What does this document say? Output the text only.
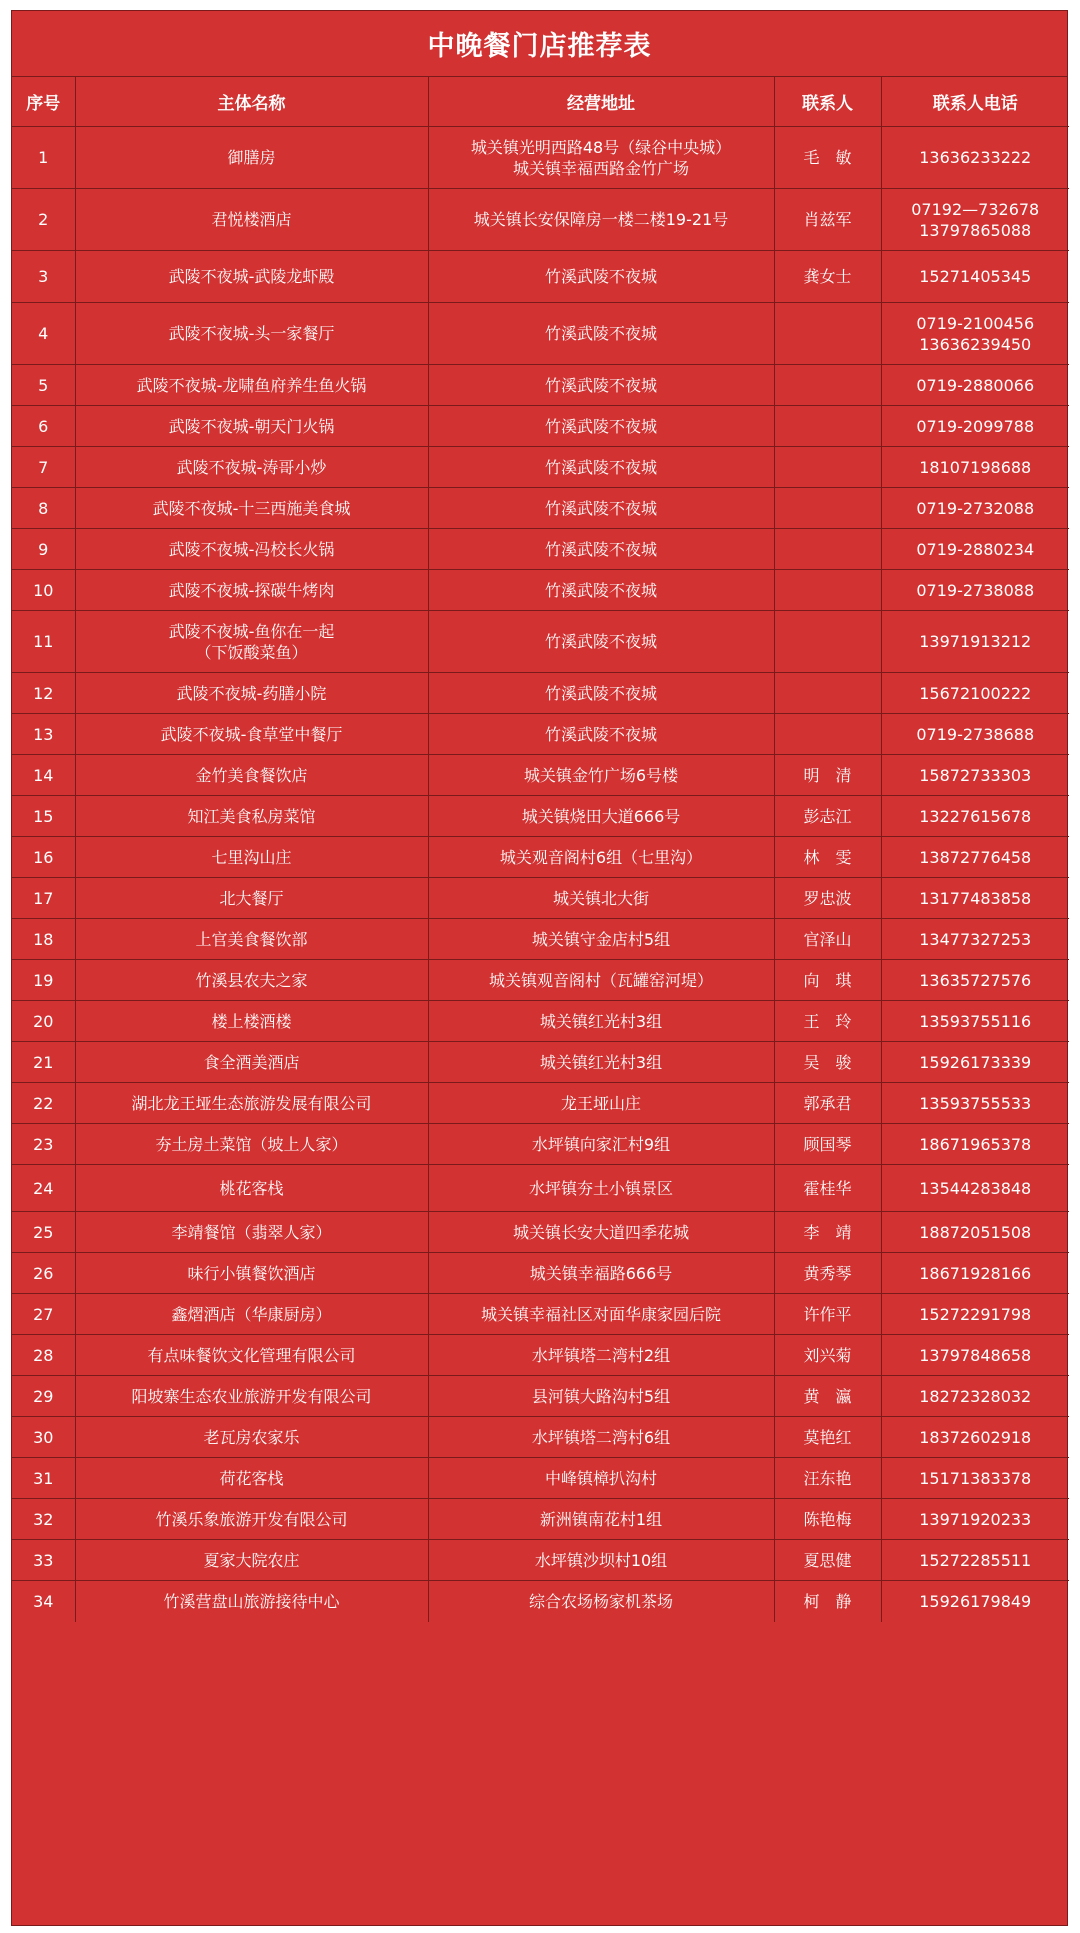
中晚餐门店推荐表
序号	主体名称	经营地址	联系人	联系人电话
1	御膳房	城关镇光明西路48号（绿谷中央城）
城关镇幸福西路金竹广场	毛　敏	13636233222
2	君悦楼酒店	城关镇长安保障房一楼二楼19-21号	肖兹军	07192—732678
13797865088
3	武陵不夜城-武陵龙虾殿	竹溪武陵不夜城	龚女士	15271405345
4	武陵不夜城-头一家餐厅	竹溪武陵不夜城		0719-2100456
13636239450
5	武陵不夜城-龙啸鱼府养生鱼火锅	竹溪武陵不夜城		0719-2880066
6	武陵不夜城-朝天门火锅	竹溪武陵不夜城		0719-2099788
7	武陵不夜城-涛哥小炒	竹溪武陵不夜城		18107198688
8	武陵不夜城-十三西施美食城	竹溪武陵不夜城		0719-2732088
9	武陵不夜城-冯校长火锅	竹溪武陵不夜城		0719-2880234
10	武陵不夜城-探碳牛烤肉	竹溪武陵不夜城		0719-2738088
11	武陵不夜城-鱼你在一起
（下饭酸菜鱼）	竹溪武陵不夜城		13971913212
12	武陵不夜城-药膳小院	竹溪武陵不夜城		15672100222
13	武陵不夜城-食草堂中餐厅	竹溪武陵不夜城		0719-2738688
14	金竹美食餐饮店	城关镇金竹广场6号楼	明　清	15872733303
15	知江美食私房菜馆	城关镇烧田大道666号	彭志江	13227615678
16	七里沟山庄	城关观音阁村6组（七里沟）	林　雯	13872776458
17	北大餐厅	城关镇北大街	罗忠波	13177483858
18	上官美食餐饮部	城关镇守金店村5组	官泽山	13477327253
19	竹溪县农夫之家	城关镇观音阁村（瓦罐窑河堤）	向　琪	13635727576
20	楼上楼酒楼	城关镇红光村3组	王　玲	13593755116
21	食全酒美酒店	城关镇红光村3组	吴　骏	15926173339
22	湖北龙王垭生态旅游发展有限公司	龙王垭山庄	郭承君	13593755533
23	夯土房土菜馆（坡上人家）	水坪镇向家汇村9组	顾国琴	18671965378
24	桃花客栈	水坪镇夯土小镇景区	霍桂华	13544283848
25	李靖餐馆（翡翠人家）	城关镇长安大道四季花城	李　靖	18872051508
26	味行小镇餐饮酒店	城关镇幸福路666号	黄秀琴	18671928166
27	鑫熠酒店（华康厨房）	城关镇幸福社区对面华康家园后院	许作平	15272291798
28	有点味餐饮文化管理有限公司	水坪镇塔二湾村2组	刘兴菊	13797848658
29	阳坡寨生态农业旅游开发有限公司	县河镇大路沟村5组	黄　瀛	18272328032
30	老瓦房农家乐	水坪镇塔二湾村6组	莫艳红	18372602918
31	荷花客栈	中峰镇樟扒沟村	汪东艳	15171383378
32	竹溪乐象旅游开发有限公司	新洲镇南花村1组	陈艳梅	13971920233
33	夏家大院农庄	水坪镇沙坝村10组	夏思健	15272285511
34	竹溪营盘山旅游接待中心	综合农场杨家机茶场	柯　静	15926179849
